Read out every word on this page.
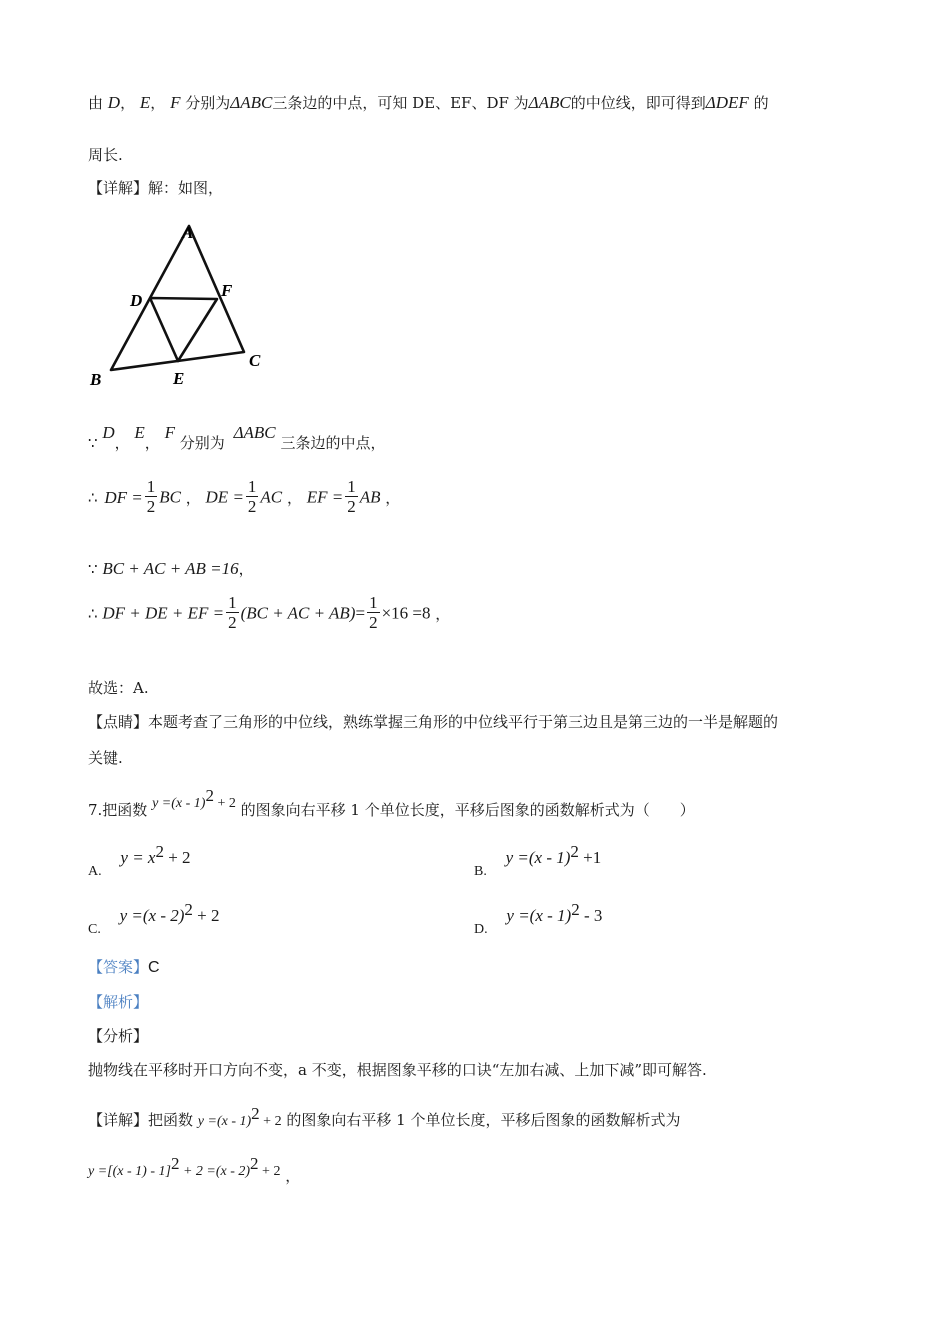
由 D， E， F 分别为ΔABC三条边的中点，可知 DE、EF、DF 为ΔABC的中位线，即可得到ΔDEF 的
周长.
【详解】解：如图，
A
B
C
D
E
F
∵ D， E， F 分别为 ΔABC 三条边的中点，
∴ DF = $\frac{1}{2}$ BC ， DE = $\frac{1}{2}$ AC ， EF = $\frac{1}{2}$ AB ，
∵ BC + AC + AB =16，
∴ DF + DE + EF = $\frac{1}{2} (BC$ + AC + $AB)= \frac{1}{2} \times 16 =8$ ，
故选：A.
【点睛】本题考查了三角形的中位线，熟练掌握三角形的中位线平行于第三边且是第三边的一半是解题的
关键.
7.把函数 y =(x - 1)$^2$ + 2 的图象向右平移 1 个单位长度，平移后图象的函数解析式为（　　）
A. $y = x^2 + 2$
B. y =(x - 1)$^2$ +1
C. y =(x - 2)$^2$ + 2
D. y =(x - 1)$^2$ - 3
【答案】C
【解析】
【分析】
抛物线在平移时开口方向不变，a 不变，根据图象平移的口诀“左加右减、上加下减”即可解答.
【详解】把函数 y =(x - 1)$^2$ + 2 的图象向右平移 1 个单位长度，平移后图象的函数解析式为
y =[(x - 1) - 1]$^2$ + 2 =(x - 2)$^2$ + 2 ，
